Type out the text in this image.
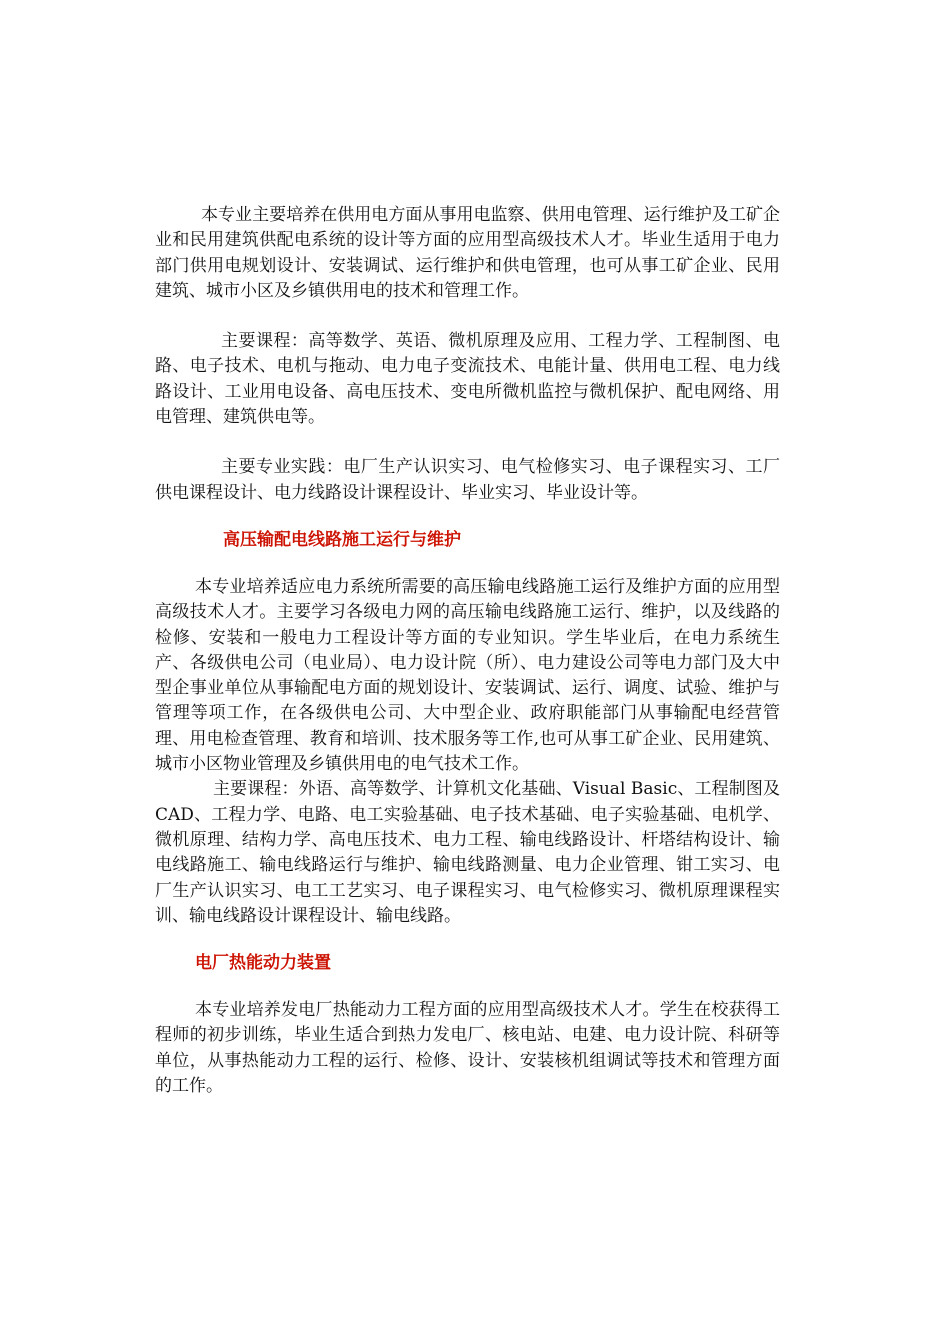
本专业主要培养在供用电方面从事用电监察、供用电管理、运行维护及工矿企业和民用建筑供配电系统的设计等方面的应用型高级技术人才。毕业生适用于电力部门供用电规划设计、安装调试、运行维护和供电管理，也可从事工矿企业、民用建筑、城市小区及乡镇供用电的技术和管理工作。

主要课程：高等数学、英语、微机原理及应用、工程力学、工程制图、电路、电子技术、电机与拖动、电力电子变流技术、电能计量、供用电工程、电力线路设计、工业用电设备、高电压技术、变电所微机监控与微机保护、配电网络、用电管理、建筑供电等。

主要专业实践：电厂生产认识实习、电气检修实习、电子课程实习、工厂供电课程设计、电力线路设计课程设计、毕业实习、毕业设计等。

高压输配电线路施工运行与维护

本专业培养适应电力系统所需要的高压输电线路施工运行及维护方面的应用型高级技术人才。主要学习各级电力网的高压输电线路施工运行、维护，以及线路的检修、安装和一般电力工程设计等方面的专业知识。学生毕业后，在电力系统生产、各级供电公司（电业局）、电力设计院（所）、电力建设公司等电力部门及大中型企事业单位从事输配电方面的规划设计、安装调试、运行、调度、试验、维护与管理等项工作，在各级供电公司、大中型企业、政府职能部门从事输配电经营管理、用电检查管理、教育和培训、技术服务等工作,也可从事工矿企业、民用建筑、城市小区物业管理及乡镇供用电的电气技术工作。

主要课程：外语、高等数学、计算机文化基础、Visual Basic、工程制图及CAD、工程力学、电路、电工实验基础、电子技术基础、电子实验基础、电机学、微机原理、结构力学、高电压技术、电力工程、输电线路设计、杆塔结构设计、输电线路施工、输电线路运行与维护、输电线路测量、电力企业管理、钳工实习、电厂生产认识实习、电工工艺实习、电子课程实习、电气检修实习、微机原理课程实训、输电线路设计课程设计、输电线路。

电厂热能动力装置

本专业培养发电厂热能动力工程方面的应用型高级技术人才。学生在校获得工程师的初步训练，毕业生适合到热力发电厂、核电站、电建、电力设计院、科研等单位，从事热能动力工程的运行、检修、设计、安装核机组调试等技术和管理方面的工作。
